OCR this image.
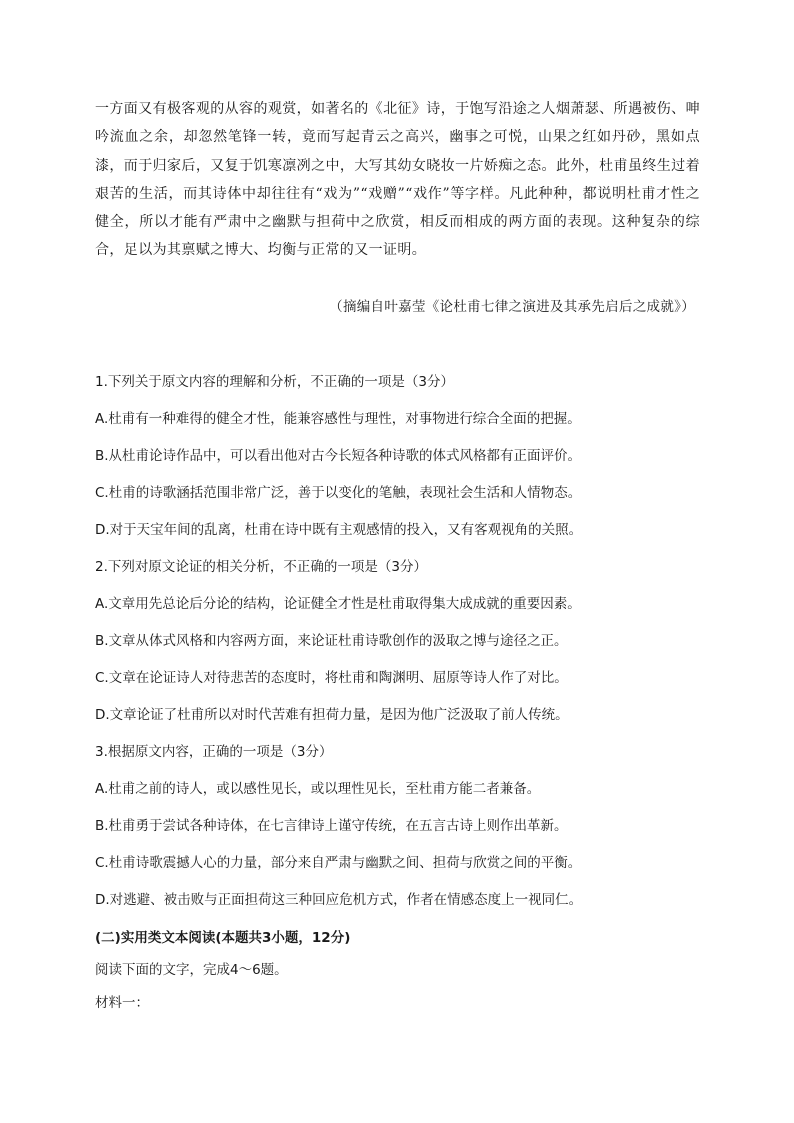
一方面又有极客观的从容的观赏，如著名的《北征》诗，于饱写沿途之人烟萧瑟、所遇被伤、呻吟流血之余，却忽然笔锋一转，竟而写起青云之高兴，幽事之可悦，山果之红如丹砂，黑如点漆，而于归家后，又复于饥寒凛冽之中，大写其幼女晓妆一片娇痴之态。此外，杜甫虽终生过着艰苦的生活，而其诗体中却往往有“戏为”“戏赠”“戏作”等字样。凡此种种，都说明杜甫才性之健全，所以才能有严肃中之幽默与担荷中之欣赏，相反而相成的两方面的表现。这种复杂的综合，足以为其禀赋之博大、均衡与正常的又一证明。

（摘编自叶嘉莹《论杜甫七律之演进及其承先启后之成就》）
1.下列关于原文内容的理解和分析，不正确的一项是（3分）
A.杜甫有一种难得的健全才性，能兼容感性与理性，对事物进行综合全面的把握。
B.从杜甫论诗作品中，可以看出他对古今长短各种诗歌的体式风格都有正面评价。
C.杜甫的诗歌涵括范围非常广泛，善于以变化的笔触，表现社会生活和人情物态。
D.对于天宝年间的乱离，杜甫在诗中既有主观感情的投入，又有客观视角的关照。
2.下列对原文论证的相关分析，不正确的一项是（3分）
A.文章用先总论后分论的结构，论证健全才性是杜甫取得集大成成就的重要因素。
B.文章从体式风格和内容两方面，来论证杜甫诗歌创作的汲取之博与途径之正。
C.文章在论证诗人对待悲苦的态度时，将杜甫和陶渊明、屈原等诗人作了对比。
D.文章论证了杜甫所以对时代苦难有担荷力量，是因为他广泛汲取了前人传统。
3.根据原文内容，正确的一项是（3分）
A.杜甫之前的诗人，或以感性见长，或以理性见长，至杜甫方能二者兼备。
B.杜甫勇于尝试各种诗体，在七言律诗上谨守传统，在五言古诗上则作出革新。
C.杜甫诗歌震撼人心的力量，部分来自严肃与幽默之间、担荷与欣赏之间的平衡。
D.对逃避、被击败与正面担荷这三种回应危机方式，作者在情感态度上一视同仁。
(二)实用类文本阅读(本题共3小题，12分)
阅读下面的文字，完成4～6题。
材料一：
